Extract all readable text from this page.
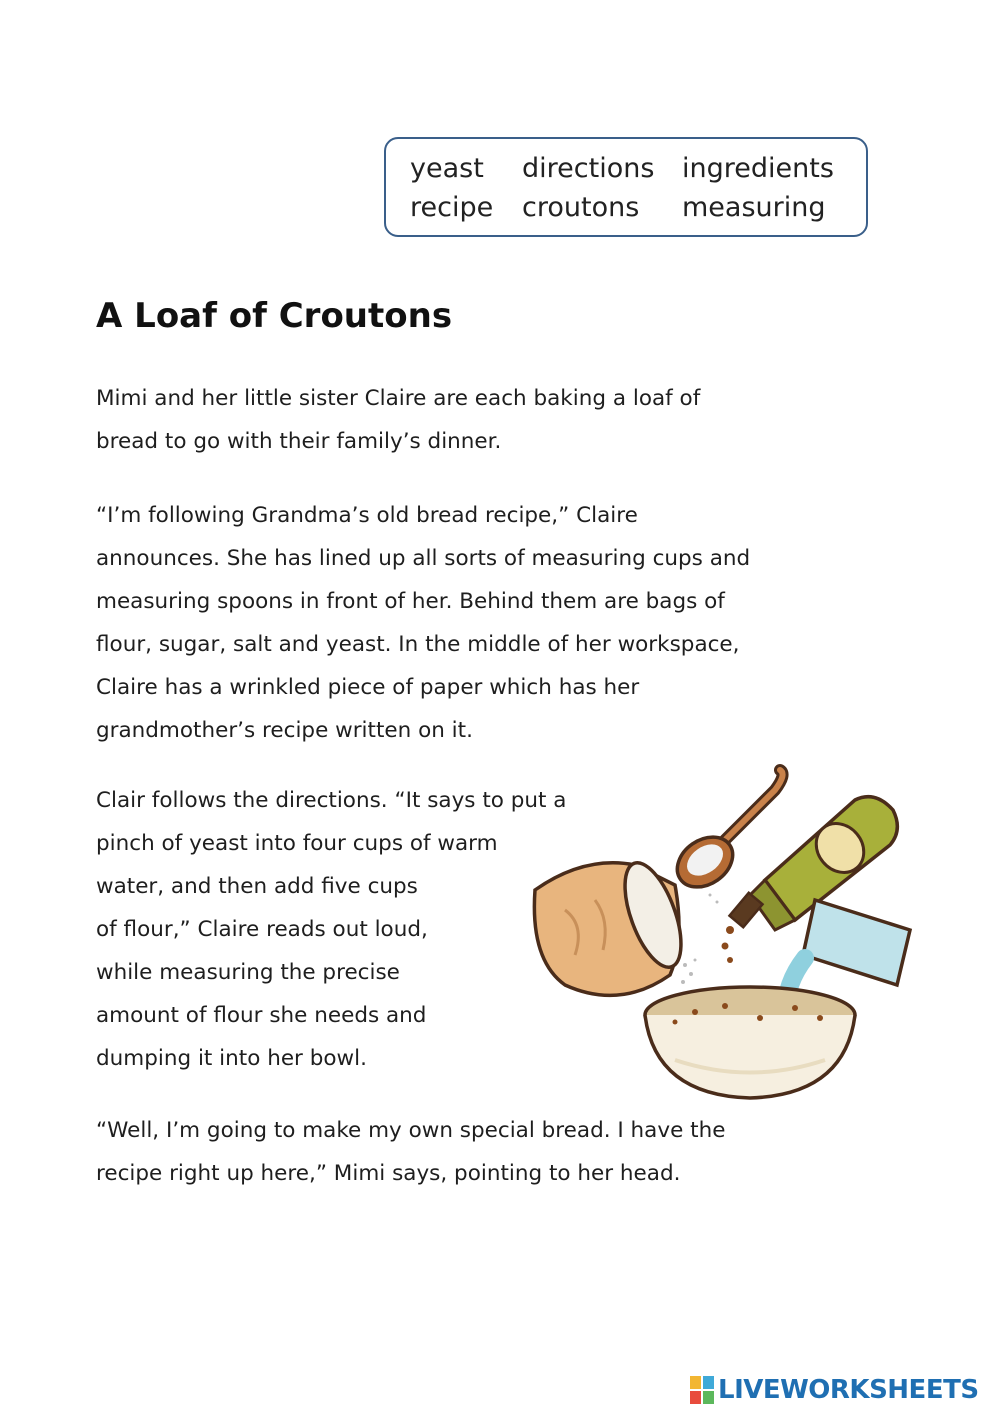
yeast directions ingredients
recipe croutons measuring
A Loaf of Croutons
Mimi and her little sister Claire are each baking a loaf of
bread to go with their family’s dinner.
“I’m following Grandma’s old bread recipe,” Claire
announces. She has lined up all sorts of measuring cups and
measuring spoons in front of her. Behind them are bags of
flour, sugar, salt and yeast. In the middle of her workspace,
Claire has a wrinkled piece of paper which has her
grandmother’s recipe written on it.
Clair follows the directions. “It says to put a
pinch of yeast into four cups of warm
water, and then add five cups
of flour,” Claire reads out loud,
while measuring the precise
amount of flour she needs and
dumping it into her bowl.
“Well, I’m going to make my own special bread. I have the
recipe right up here,” Mimi says, pointing to her head.
LIVEWORKSHEETS
